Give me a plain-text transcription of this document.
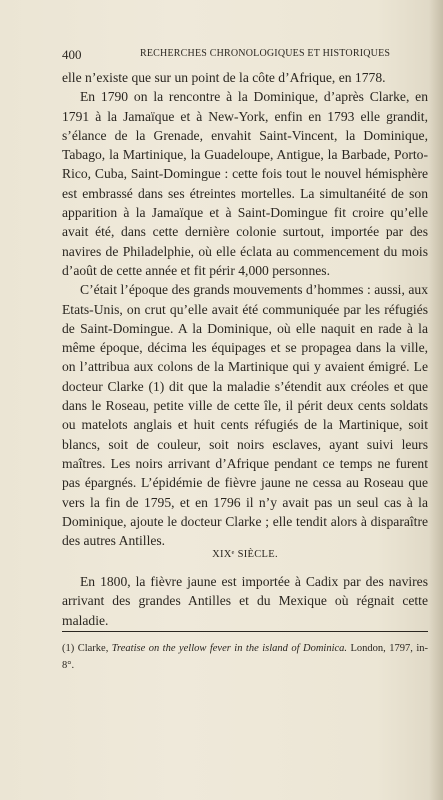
400	RECHERCHES CHRONOLOGIQUES ET HISTORIQUES

elle n’existe que sur un point de la côte d’Afrique, en 1778.

En 1790 on la rencontre à la Dominique, d’après Clarke, en 1791 à la Jamaïque et à New-York, enfin en 1793 elle grandit, s’élance de la Grenade, envahit Saint-Vincent, la Dominique, Tabago, la Martinique, la Guadeloupe, Antigue, la Barbade, Porto-Rico, Cuba, Saint-Domingue : cette fois tout le nouvel hémisphère est embrassé dans ses étreintes mortelles. La simultanéité de son apparition à la Jamaïque et à Saint-Domingue fit croire qu’elle avait été, dans cette dernière colonie surtout, importée par des navires de Philadelphie, où elle éclata au commencement du mois d’août de cette année et fit périr 4,000 personnes.

C’était l’époque des grands mouvements d’hommes : aussi, aux Etats-Unis, on crut qu’elle avait été communiquée par les réfugiés de Saint-Domingue. A la Dominique, où elle naquit en rade à la même époque, décima les équipages et se propagea dans la ville, on l’attribua aux colons de la Martinique qui y avaient émigré. Le docteur Clarke (1) dit que la maladie s’étendit aux créoles et que dans le Roseau, petite ville de cette île, il périt deux cents soldats ou matelots anglais et huit cents réfugiés de la Martinique, soit blancs, soit de couleur, soit noirs esclaves, ayant suivi leurs maîtres. Les noirs arrivant d’Afrique pendant ce temps ne furent pas épargnés. L’épidémie de fièvre jaune ne cessa au Roseau que vers la fin de 1795, et en 1796 il n’y avait pas un seul cas à la Dominique, ajoute le docteur Clarke ; elle tendit alors à disparaître des autres Antilles.

XIXᵉ SIÈCLE.

En 1800, la fièvre jaune est importée à Cadix par des navires arrivant des grandes Antilles et du Mexique où régnait cette maladie.

(1) Clarke, Treatise on the yellow fever in the island of Dominica. London, 1797, in-8°.
